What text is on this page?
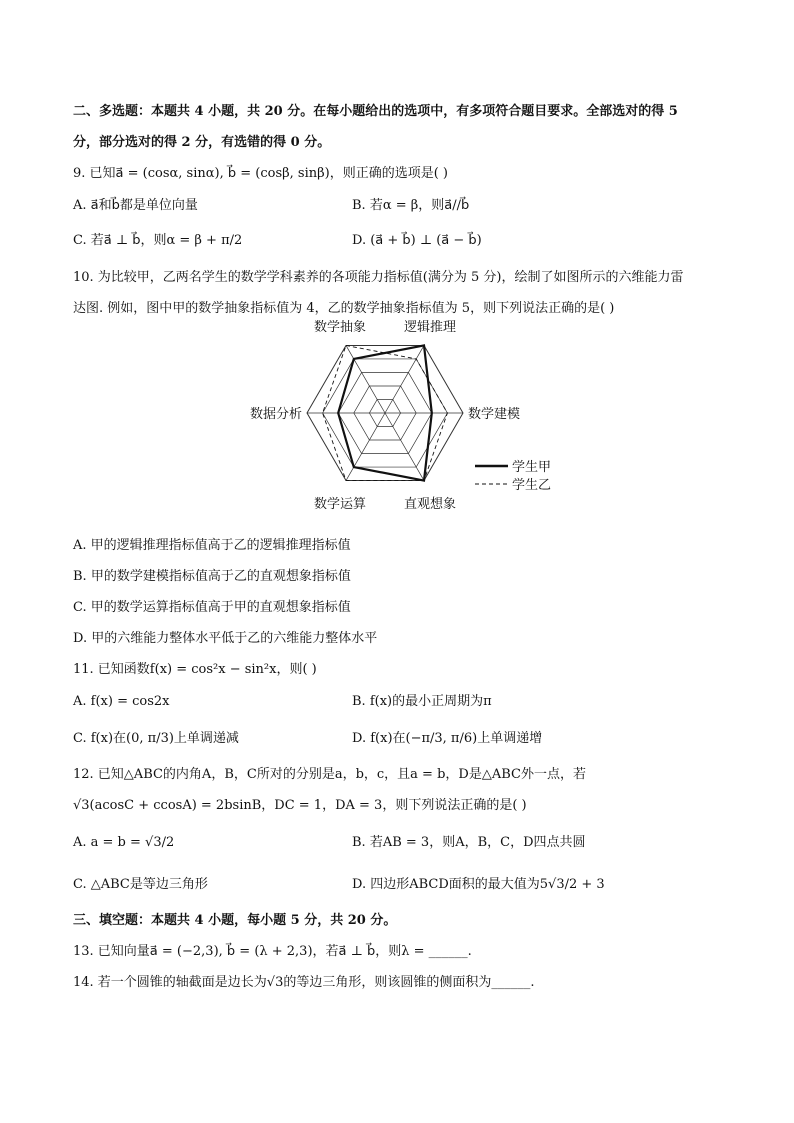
二、多选题：本题共 4 小题，共 20 分。在每小题给出的选项中，有多项符合题目要求。全部选对的得 5
分，部分选对的得 2 分，有选错的得 0 分。
9. 已知a⃗ = (cosα, sinα), b⃗ = (cosβ, sinβ)，则正确的选项是( )
A. a⃗和b⃗都是单位向量	B. 若α = β，则a⃗//b⃗
C. 若a⃗ ⊥ b⃗，则α = β + π/2	D. (a⃗ + b⃗) ⊥ (a⃗ − b⃗)
10. 为比较甲，乙两名学生的数学学科素养的各项能力指标值(满分为 5 分)，绘制了如图所示的六维能力雷
达图. 例如，图中甲的数学抽象指标值为 4，乙的数学抽象指标值为 5，则下列说法正确的是( )
数学抽象	逻辑推理
数学建模
直观想象
数学运算
数据分析
学生甲
学生乙
A. 甲的逻辑推理指标值高于乙的逻辑推理指标值
B. 甲的数学建模指标值高于乙的直观想象指标值
C. 甲的数学运算指标值高于甲的直观想象指标值
D. 甲的六维能力整体水平低于乙的六维能力整体水平
11. 已知函数f(x) = cos²x − sin²x，则( )
A. f(x) = cos2x	B. f(x)的最小正周期为π
C. f(x)在(0, π/3)上单调递减	D. f(x)在(−π/3, π/6)上单调递增
12. 已知△ABC的内角A，B，C所对的分别是a，b，c，且a = b，D是△ABC外一点，若
√3(acosC + ccosA) = 2bsinB，DC = 1，DA = 3，则下列说法正确的是( )
A. a = b = √3/2	B. 若AB = 3，则A，B，C，D四点共圆
C. △ABC是等边三角形	D. 四边形ABCD面积的最大值为5√3/2 + 3
三、填空题：本题共 4 小题，每小题 5 分，共 20 分。
13. 已知向量a⃗ = (−2,3), b⃗ = (λ + 2,3)，若a⃗ ⊥ b⃗，则λ = ______.
14. 若一个圆锥的轴截面是边长为√3的等边三角形，则该圆锥的侧面积为______.
